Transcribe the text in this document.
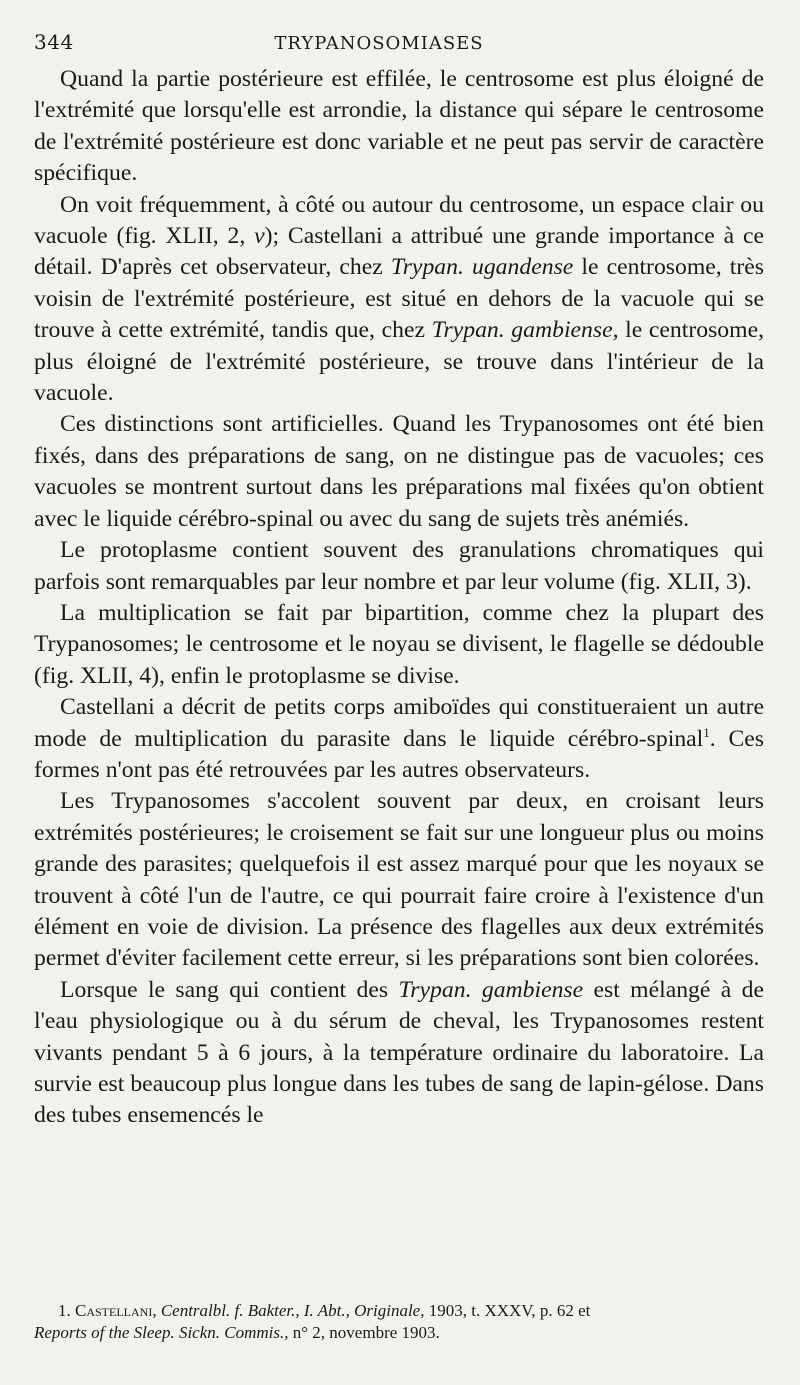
344	TRYPANOSOMIASES

Quand la partie postérieure est effilée, le centrosome est plus éloigné de l'extrémité que lorsqu'elle est arrondie, la distance qui sépare le centrosome de l'extrémité postérieure est donc variable et ne peut pas servir de caractère spécifique.

On voit fréquemment, à côté ou autour du centrosome, un espace clair ou vacuole (fig. XLII, 2, v); Castellani a attribué une grande importance à ce détail. D'après cet observateur, chez Trypan. ugandense le centrosome, très voisin de l'extrémité postérieure, est situé en dehors de la vacuole qui se trouve à cette extrémité, tandis que, chez Trypan. gambiense, le centrosome, plus éloigné de l'extrémité postérieure, se trouve dans l'intérieur de la vacuole.

Ces distinctions sont artificielles. Quand les Trypanosomes ont été bien fixés, dans des préparations de sang, on ne distingue pas de vacuoles; ces vacuoles se montrent surtout dans les préparations mal fixées qu'on obtient avec le liquide cérébro-spinal ou avec du sang de sujets très anémiés.

Le protoplasme contient souvent des granulations chromatiques qui parfois sont remarquables par leur nombre et par leur volume (fig. XLII, 3).

La multiplication se fait par bipartition, comme chez la plupart des Trypanosomes; le centrosome et le noyau se divisent, le flagelle se dédouble (fig. XLII, 4), enfin le protoplasme se divise.

Castellani a décrit de petits corps amiboïdes qui constitueraient un autre mode de multiplication du parasite dans le liquide cérébro-spinal$^1$. Ces formes n'ont pas été retrouvées par les autres observateurs.

Les Trypanosomes s'accolent souvent par deux, en croisant leurs extrémités postérieures; le croisement se fait sur une longueur plus ou moins grande des parasites; quelquefois il est assez marqué pour que les noyaux se trouvent à côté l'un de l'autre, ce qui pourrait faire croire à l'existence d'un élément en voie de division. La présence des flagelles aux deux extrémités permet d'éviter facilement cette erreur, si les préparations sont bien colorées.

Lorsque le sang qui contient des Trypan. gambiense est mélangé à de l'eau physiologique ou à du sérum de cheval, les Trypanosomes restent vivants pendant 5 à 6 jours, à la température ordinaire du laboratoire. La survie est beaucoup plus longue dans les tubes de sang de lapin-gélose. Dans des tubes ensemencés le

1. Castellani, Centralbl. f. Bakter., I. Abt., Originale, 1903, t. XXXV, p. 62 et
Reports of the Sleep. Sickn. Commis., n° 2, novembre 1903.
